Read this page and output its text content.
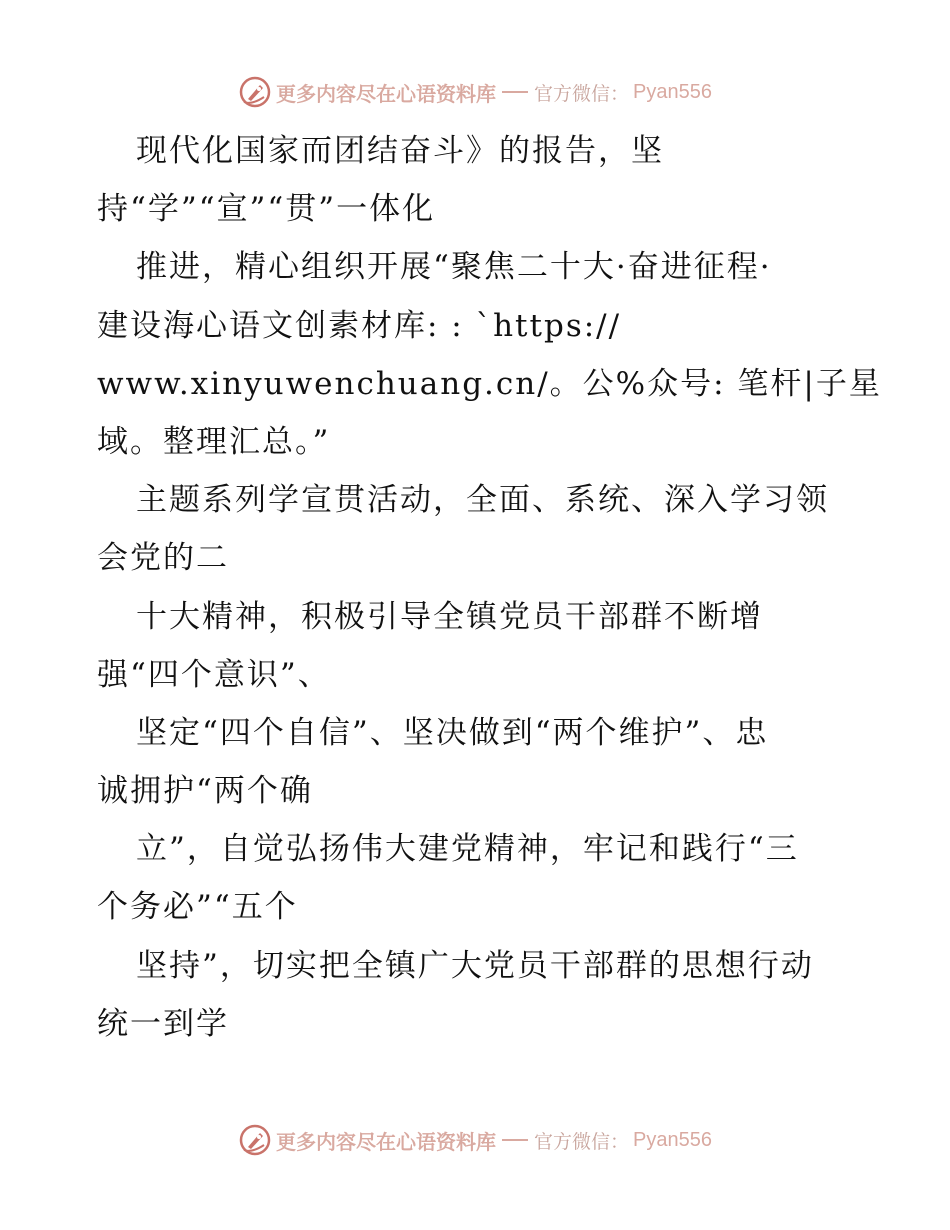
更多内容尽在心语资料库 官方微信： Pyan556
现代化国家而团结奋斗》的报告，坚
持“学”“宣”“贯”一体化
推进，精心组织开展“聚焦二十大·奋进征程·
建设海心语文创素材库: : `https://
www.xinyuwenchuang.cn/。公%众号: 笔杆|子星
域。整理汇总。”
主题系列学宣贯活动，全面、系统、深入学习领
会党的二
十大精神，积极引导全镇党员干部群不断增
强“四个意识”、
坚定“四个自信”、坚决做到“两个维护”、忠
诚拥护“两个确
立”，自觉弘扬伟大建党精神，牢记和践行“三
个务必”“五个
坚持”，切实把全镇广大党员干部群的思想行动
统一到学
更多内容尽在心语资料库 官方微信： Pyan556
